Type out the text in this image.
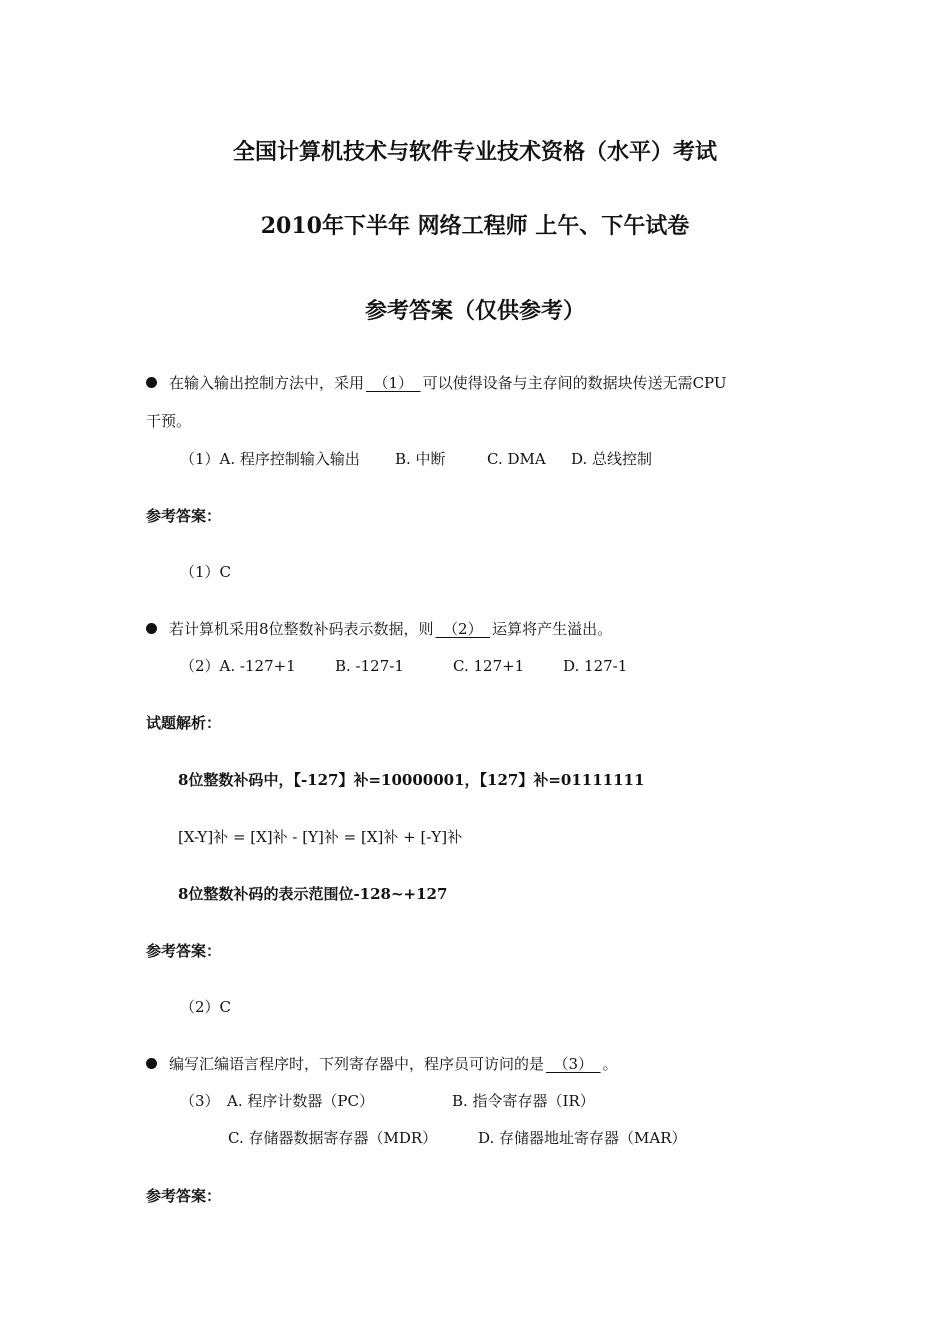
全国计算机技术与软件专业技术资格（水平）考试
2010年下半年 网络工程师 上午、下午试卷
参考答案（仅供参考）
在输入输出控制方法中，采用　（1）　可以使得设备与主存间的数据块传送无需CPU
干预。
（1）A. 程序控制输入输出 B. 中断	C. DMA D. 总线控制
参考答案：
（1）C
若计算机采用8位整数补码表示数据，则　（2）　运算将产生溢出。
（2）A. -127+1	B. -127-1	C. 127+1	D. 127-1
试题解析：
8位整数补码中，【-127】补=10000001，【127】补=01111111
[X-Y]补 = [X]补 - [Y]补 = [X]补 + [-Y]补
8位整数补码的表示范围位-128~+127
参考答案：
（2）C
编写汇编语言程序时，下列寄存器中，程序员可访问的是　（3）　。
（3）　A. 程序计数器（PC）	B. 指令寄存器（IR）
C. 存储器数据寄存器（MDR）	D. 存储器地址寄存器（MAR）
参考答案：
